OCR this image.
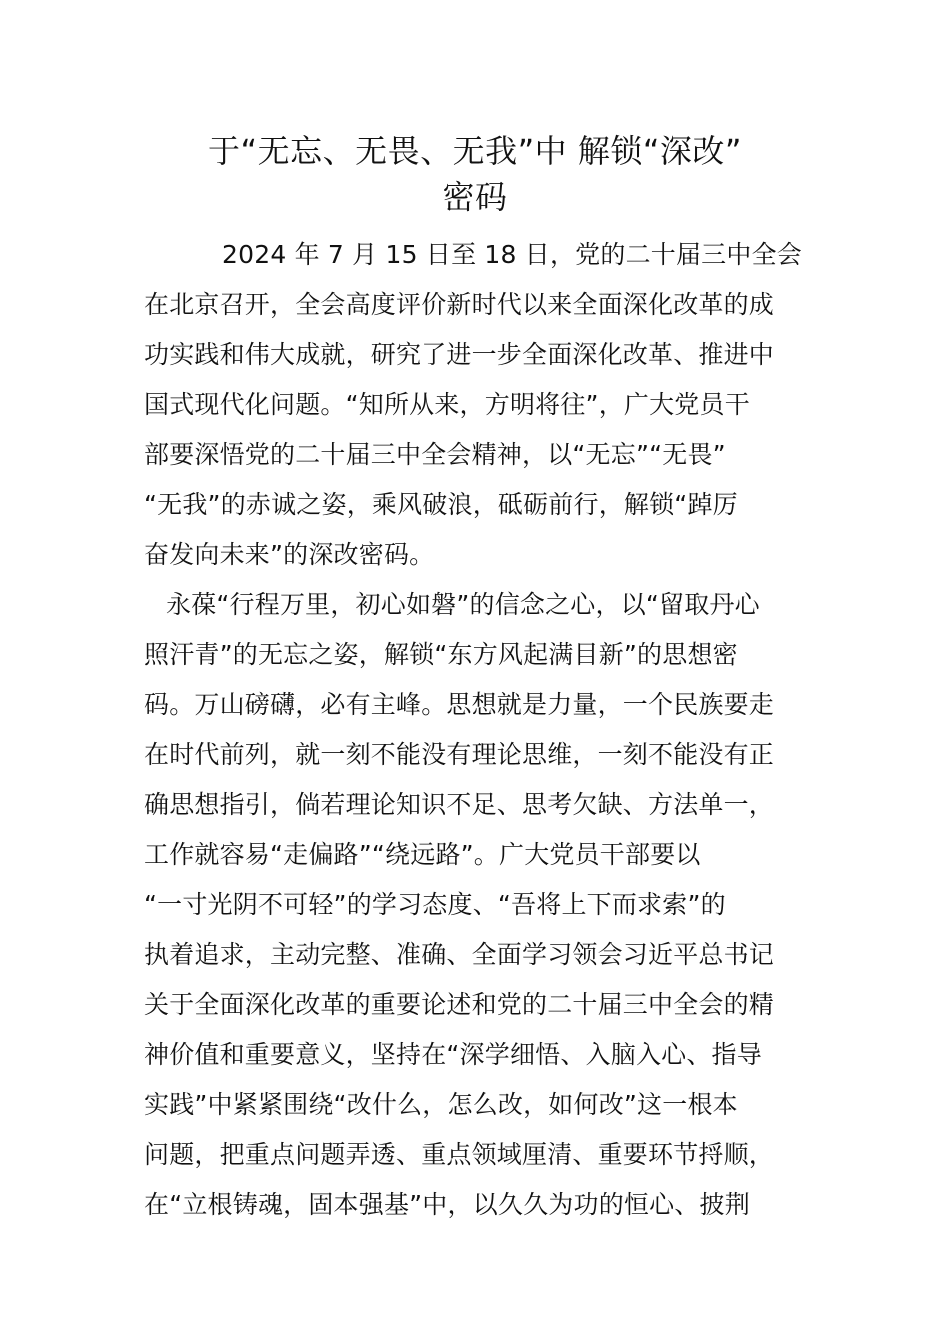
于“无忘、无畏、无我”中 解锁“深改”
密码
2024 年 7 月 15 日至 18 日，党的二十届三中全会
在北京召开，全会高度评价新时代以来全面深化改革的成
功实践和伟大成就，研究了进一步全面深化改革、推进中
国式现代化问题。“知所从来，方明将往”，广大党员干
部要深悟党的二十届三中全会精神，以“无忘”“无畏”
“无我”的赤诚之姿，乘风破浪，砥砺前行，解锁“踔厉
奋发向未来”的深改密码。
永葆“行程万里，初心如磐”的信念之心，以“留取丹心
照汗青”的无忘之姿，解锁“东方风起满目新”的思想密
码。万山磅礴，必有主峰。思想就是力量，一个民族要走
在时代前列，就一刻不能没有理论思维，一刻不能没有正
确思想指引，倘若理论知识不足、思考欠缺、方法单一，
工作就容易“走偏路”“绕远路”。广大党员干部要以
“一寸光阴不可轻”的学习态度、“吾将上下而求索”的
执着追求，主动完整、准确、全面学习领会习近平总书记
关于全面深化改革的重要论述和党的二十届三中全会的精
神价值和重要意义，坚持在“深学细悟、入脑入心、指导
实践”中紧紧围绕“改什么，怎么改，如何改”这一根本
问题，把重点问题弄透、重点领域厘清、重要环节捋顺，
在“立根铸魂，固本强基”中，以久久为功的恒心、披荆
